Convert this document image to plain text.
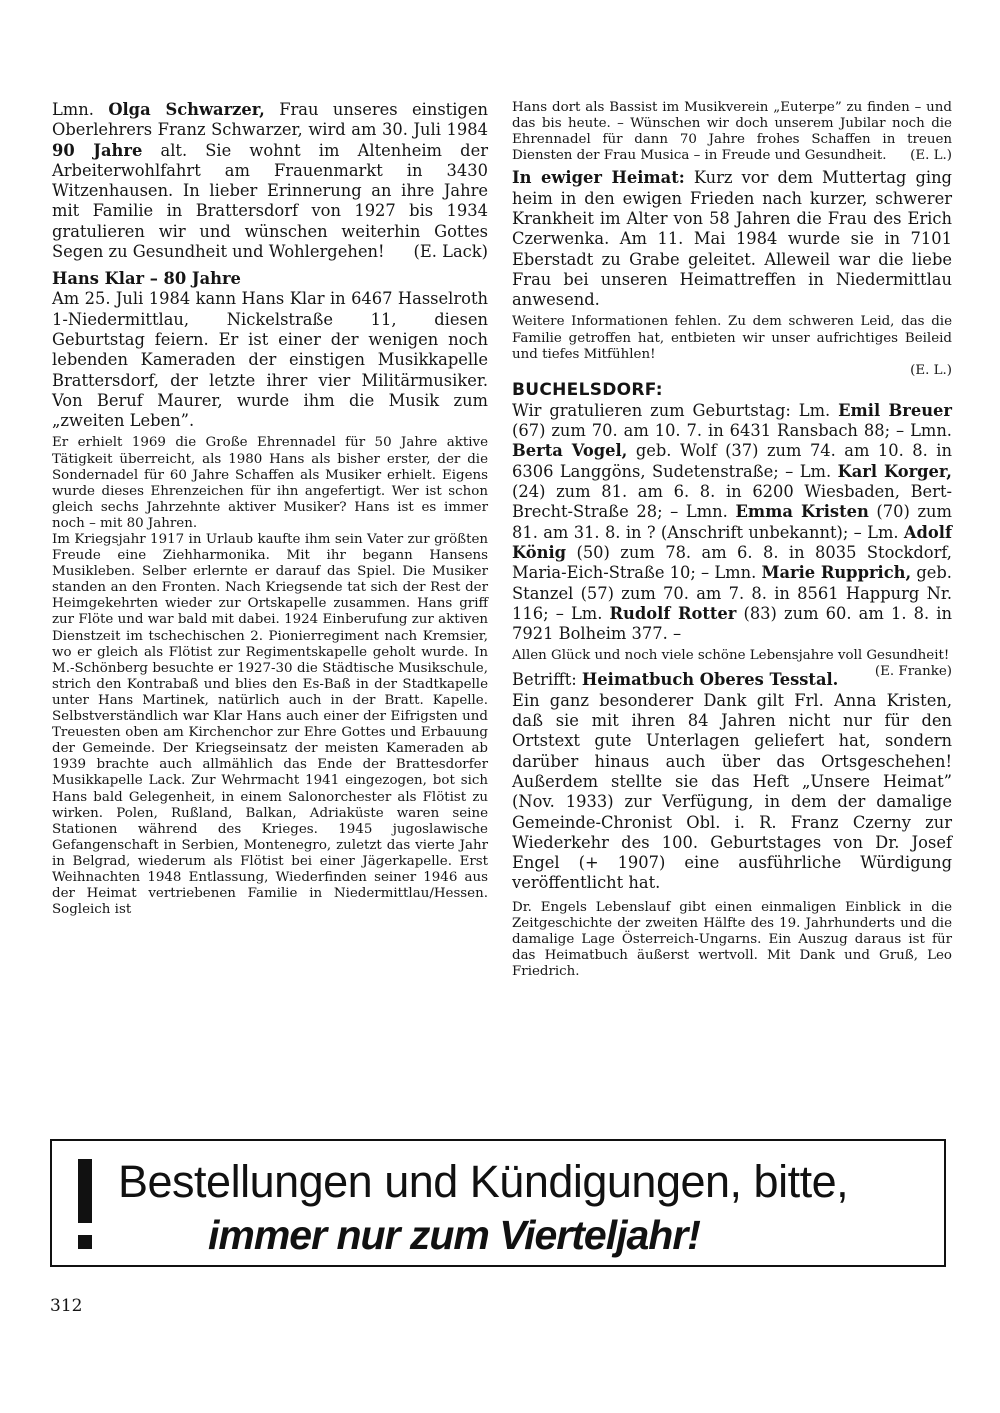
Lmn. Olga Schwarzer, Frau unseres einstigen Oberlehrers Franz Schwarzer, wird am 30. Juli 1984 90 Jahre alt. Sie wohnt im Altenheim der Arbeiterwohlfahrt am Frauenmarkt in 3430 Witzenhausen. In lieber Erinnerung an ihre Jahre mit Familie in Brattersdorf von 1927 bis 1934 gratulieren wir und wünschen weiterhin Gottes Segen zu Gesundheit und Wohlergehen! (E. Lack)

Hans Klar – 80 Jahre

Am 25. Juli 1984 kann Hans Klar in 6467 Hasselroth 1-Niedermittlau, Nickelstraße 11, diesen Geburtstag feiern. Er ist einer der wenigen noch lebenden Kameraden der einstigen Musikkapelle Brattersdorf, der letzte ihrer vier Militärmusiker. Von Beruf Maurer, wurde ihm die Musik zum „zweiten Leben”.

Er erhielt 1969 die Große Ehrennadel für 50 Jahre aktive Tätigkeit überreicht, als 1980 Hans als bisher erster, der die Sondernadel für 60 Jahre Schaffen als Musiker erhielt. Eigens wurde dieses Ehrenzeichen für ihn angefertigt. Wer ist schon gleich sechs Jahrzehnte aktiver Musiker? Hans ist es immer noch – mit 80 Jahren.

Im Kriegsjahr 1917 in Urlaub kaufte ihm sein Vater zur größten Freude eine Ziehharmonika. Mit ihr begann Hansens Musikleben. Selber erlernte er darauf das Spiel. Die Musiker standen an den Fronten. Nach Kriegsende tat sich der Rest der Heimgekehrten wieder zur Ortskapelle zusammen. Hans griff zur Flöte und war bald mit dabei. 1924 Einberufung zur aktiven Dienstzeit im tschechischen 2. Pionierregiment nach Kremsier, wo er gleich als Flötist zur Regimentskapelle geholt wurde. In M.-Schönberg besuchte er 1927-30 die Städtische Musikschule, strich den Kontrabaß und blies den Es-Baß in der Stadtkapelle unter Hans Martinek, natürlich auch in der Bratt. Kapelle. Selbstverständlich war Klar Hans auch einer der Eifrigsten und Treuesten oben am Kirchenchor zur Ehre Gottes und Erbauung der Gemeinde. Der Kriegseinsatz der meisten Kameraden ab 1939 brachte auch allmählich das Ende der Brattesdorfer Musikkapelle Lack. Zur Wehrmacht 1941 eingezogen, bot sich Hans bald Gelegenheit, in einem Salonorchester als Flötist zu wirken. Polen, Rußland, Balkan, Adriaküste waren seine Stationen während des Krieges. 1945 jugoslawische Gefangenschaft in Serbien, Montenegro, zuletzt das vierte Jahr in Belgrad, wiederum als Flötist bei einer Jägerkapelle. Erst Weihnachten 1948 Entlassung, Wiederfinden seiner 1946 aus der Heimat vertriebenen Familie in Niedermittlau/Hessen. Sogleich ist

Hans dort als Bassist im Musikverein „Euterpe” zu finden – und das bis heute. – Wünschen wir doch unserem Jubilar noch die Ehrennadel für dann 70 Jahre frohes Schaffen in treuen Diensten der Frau Musica – in Freude und Gesundheit. (E. L.)

In ewiger Heimat: Kurz vor dem Muttertag ging heim in den ewigen Frieden nach kurzer, schwerer Krankheit im Alter von 58 Jahren die Frau des Erich Czerwenka. Am 11. Mai 1984 wurde sie in 7101 Eberstadt zu Grabe geleitet. Alleweil war die liebe Frau bei unseren Heimattreffen in Niedermittlau anwesend.

Weitere Informationen fehlen. Zu dem schweren Leid, das die Familie getroffen hat, entbieten wir unser aufrichtiges Beileid und tiefes Mitfühlen!

(E. L.)

BUCHELSDORF:

Wir gratulieren zum Geburtstag: Lm. Emil Breuer (67) zum 70. am 10. 7. in 6431 Ransbach 88; – Lmn. Berta Vogel, geb. Wolf (37) zum 74. am 10. 8. in 6306 Langgöns, Sudetenstraße; – Lm. Karl Korger, (24) zum 81. am 6. 8. in 6200 Wiesbaden, Bert-Brecht-Straße 28; – Lmn. Emma Kristen (70) zum 81. am 31. 8. in ? (Anschrift unbekannt); – Lm. Adolf König (50) zum 78. am 6. 8. in 8035 Stockdorf, Maria-Eich-Straße 10; – Lmn. Marie Rupprich, geb. Stanzel (57) zum 70. am 7. 8. in 8561 Happurg Nr. 116; – Lm. Rudolf Rotter (83) zum 60. am 1. 8. in 7921 Bolheim 377. –

Allen Glück und noch viele schöne Lebensjahre voll Gesundheit!
(E. Franke)

Betrifft: Heimatbuch Oberes Tesstal.

Ein ganz besonderer Dank gilt Frl. Anna Kristen, daß sie mit ihren 84 Jahren nicht nur für den Ortstext gute Unterlagen geliefert hat, sondern darüber hinaus auch über das Ortsgeschehen! Außerdem stellte sie das Heft „Unsere Heimat” (Nov. 1933) zur Verfügung, in dem der damalige Gemeinde-Chronist Obl. i. R. Franz Czerny zur Wiederkehr des 100. Geburtstages von Dr. Josef Engel (+ 1907) eine ausführliche Würdigung veröffentlicht hat.

Dr. Engels Lebenslauf gibt einen einmaligen Einblick in die Zeitgeschichte der zweiten Hälfte des 19. Jahrhunderts und die damalige Lage Österreich-Ungarns. Ein Auszug daraus ist für das Heimatbuch äußerst wertvoll. Mit Dank und Gruß, Leo Friedrich.

Bestellungen und Kündigungen, bitte,
immer nur zum Vierteljahr!
312
